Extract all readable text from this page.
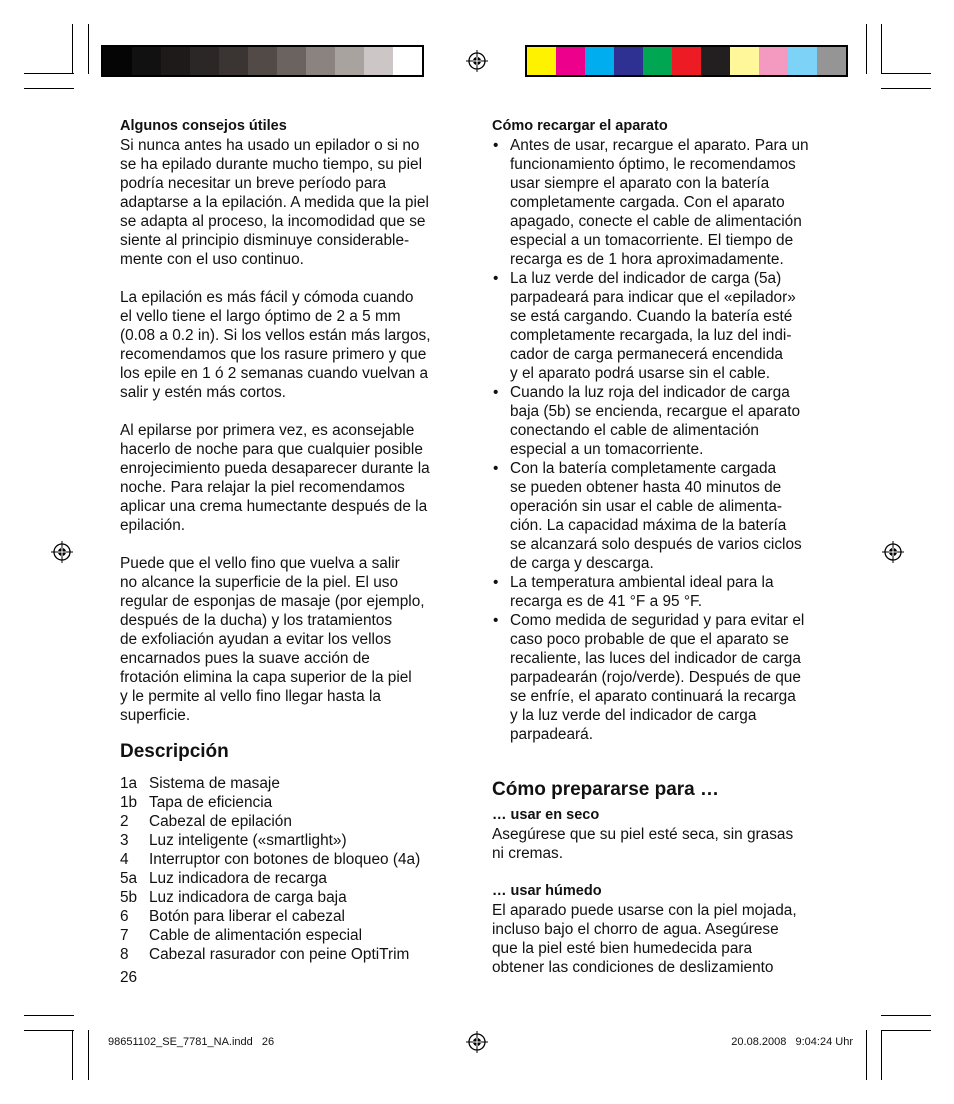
Algunos consejos útiles

Si nunca antes ha usado un epilador o si no
se ha epilado durante mucho tiempo, su piel
podría necesitar un breve período para
adaptarse a la epilación. A medida que la piel
se adapta al proceso, la incomodidad que se
siente al principio disminuye considerable-
mente con el uso continuo.
La epilación es más fácil y cómoda cuando
el vello tiene el largo óptimo de 2 a 5 mm
(0.08 a 0.2 in). Si los vellos están más largos,
recomendamos que los rasure primero y que
los epile en 1 ó 2 semanas cuando vuelvan a
salir y estén más cortos.
Al epilarse por primera vez, es aconsejable
hacerlo de noche para que cualquier posible
enrojecimiento pueda desaparecer durante la
noche. Para relajar la piel recomendamos
aplicar una crema humectante después de la
epilación.
Puede que el vello fino que vuelva a salir
no alcance la superficie de la piel. El uso
regular de esponjas de masaje (por ejemplo,
después de la ducha) y los tratamientos
de exfoliación ayudan a evitar los vellos
encarnados pues la suave acción de
frotación elimina la capa superior de la piel
y le permite al vello fino llegar hasta la
superficie.

Descripción

1a Sistema de masaje
1b Tapa de eficiencia
2	Cabezal de epilación
3	Luz inteligente («smartlight»)
4	Interruptor con botones de bloqueo (4a)
5a Luz indicadora de recarga
5b Luz indicadora de carga baja
6	Botón para liberar el cabezal
7	Cable de alimentación especial
8	Cabezal rasurador con peine OptiTrim

26

Cómo recargar el aparato

• Antes de usar, recargue el aparato. Para un
funcionamiento óptimo, le recomendamos
usar siempre el aparato con la batería
completamente cargada. Con el aparato
apagado, conecte el cable de alimentación
especial a un tomacorriente. El tiempo de
recarga es de 1 hora aproximadamente.
• La luz verde del indicador de carga (5a)
parpadeará para indicar que el «epilador»
se está cargando. Cuando la batería esté
completamente recargada, la luz del indi-
cador de carga permanecerá encendida
y el aparato podrá usarse sin el cable.
• Cuando la luz roja del indicador de carga
baja (5b) se encienda, recargue el aparato
conectando el cable de alimentación
especial a un tomacorriente.
• Con la batería completamente cargada
se pueden obtener hasta 40 minutos de
operación sin usar el cable de alimenta-
ción. La capacidad máxima de la batería
se alcanzará solo después de varios ciclos
de carga y descarga.
• La temperatura ambiental ideal para la
recarga es de 41 °F a 95 °F.
• Como medida de seguridad y para evitar el
caso poco probable de que el aparato se
recaliente, las luces del indicador de carga
parpadearán (rojo/verde). Después de que
se enfríe, el aparato continuará la recarga
y la luz verde del indicador de carga
parpadeará.

Cómo prepararse para …

… usar en seco

Asegúrese que su piel esté seca, sin grasas
ni cremas.

… usar húmedo

El aparado puede usarse con la piel mojada,
incluso bajo el chorro de agua. Asegúrese
que la piel esté bien humedecida para
obtener las condiciones de deslizamiento
98651102_SE_7781_NA.indd   26	20.08.2008   9:04:24 Uhr
